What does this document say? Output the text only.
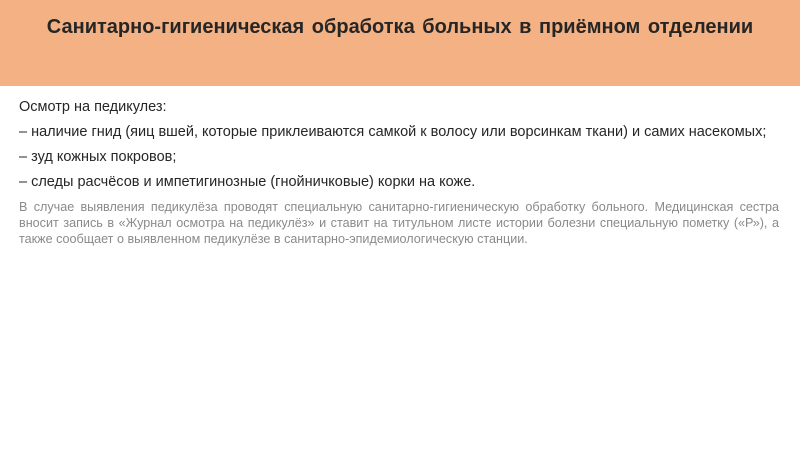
Санитарно-гигиеническая обработка больных в приёмном отделении

Осмотр на педикулез:

– наличие гнид (яиц вшей, которые приклеиваются самкой к волосу или ворсинкам ткани) и самих насекомых;

– зуд кожных покровов;

– следы расчёсов и импетигинозные (гнойничковые) корки на коже.

В случае выявления педикулёза проводят специальную санитарно-гигиеническую обработку больного. Медицинская сестра вносит запись в «Журнал осмотра на педикулёз» и ставит на титульном листе истории болезни специальную пометку («Р»), а также сообщает о выявленном педикулёзе в санитарно-эпидемиологическую станции.
